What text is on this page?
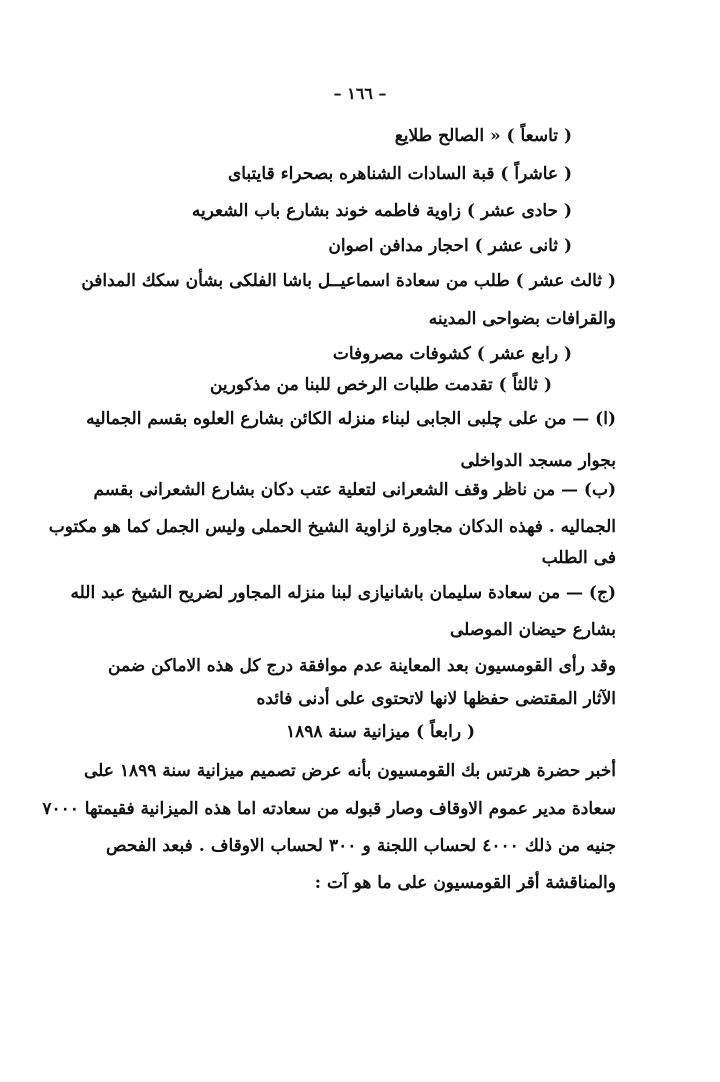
– ١٦٦ –
( تاسعاً ) « الصالح طلايع
( عاشراً ) قبة السادات الشناهره بصحراء قايتباى
( حادى عشر ) زاوية فاطمه خوند بشارع باب الشعريه
( ثانى عشر ) احجار مدافن اصوان
( ثالث عشر ) طلب من سعادة اسماعيــل باشا الفلكى بشأن سكك المدافن
والقرافات بضواحى المدينه
( رابع عشر ) كشوفات مصروفات
( ثالثاً ) تقدمت طلبات الرخص للبنا من مذكورين
(ا) — من على چلبى الجابى لبناء منزله الكائن بشارع العلوه بقسم الجماليه
بجوار مسجد الدواخلى
(ب) — من ناظر وقف الشعرانى لتعلية عتب دكان بشارع الشعرانى بقسم
الجماليه . فهذه الدكان مجاورة لزاوية الشيخ الحملى وليس الجمل كما هو مكتوب
فى الطلب
(ج) — من سعادة سليمان باشانيازى لبنا منزله المجاور لضريح الشيخ عبد الله
بشارع حيضان الموصلى
وقد رأى القومسيون بعد المعاينة عدم موافقة درج كل هذه الاماكن ضمن
الآثار المقتضى حفظها لانها لاتحتوى على أدنى فائده
( رابعاً ) ميزانية سنة ١٨٩٨
أخبر حضرة هرتس بك القومسيون بأنه عرض تصميم ميزانية سنة ١٨٩٩ على
سعادة مدير عموم الاوقاف وصار قبوله من سعادته اما هذه الميزانية فقيمتها ٧٠٠٠
جنيه من ذلك ٤٠٠٠ لحساب اللجنة و ٣٠٠ لحساب الاوقاف . فبعد الفحص
والمناقشة أقر القومسيون على ما هو آت :
